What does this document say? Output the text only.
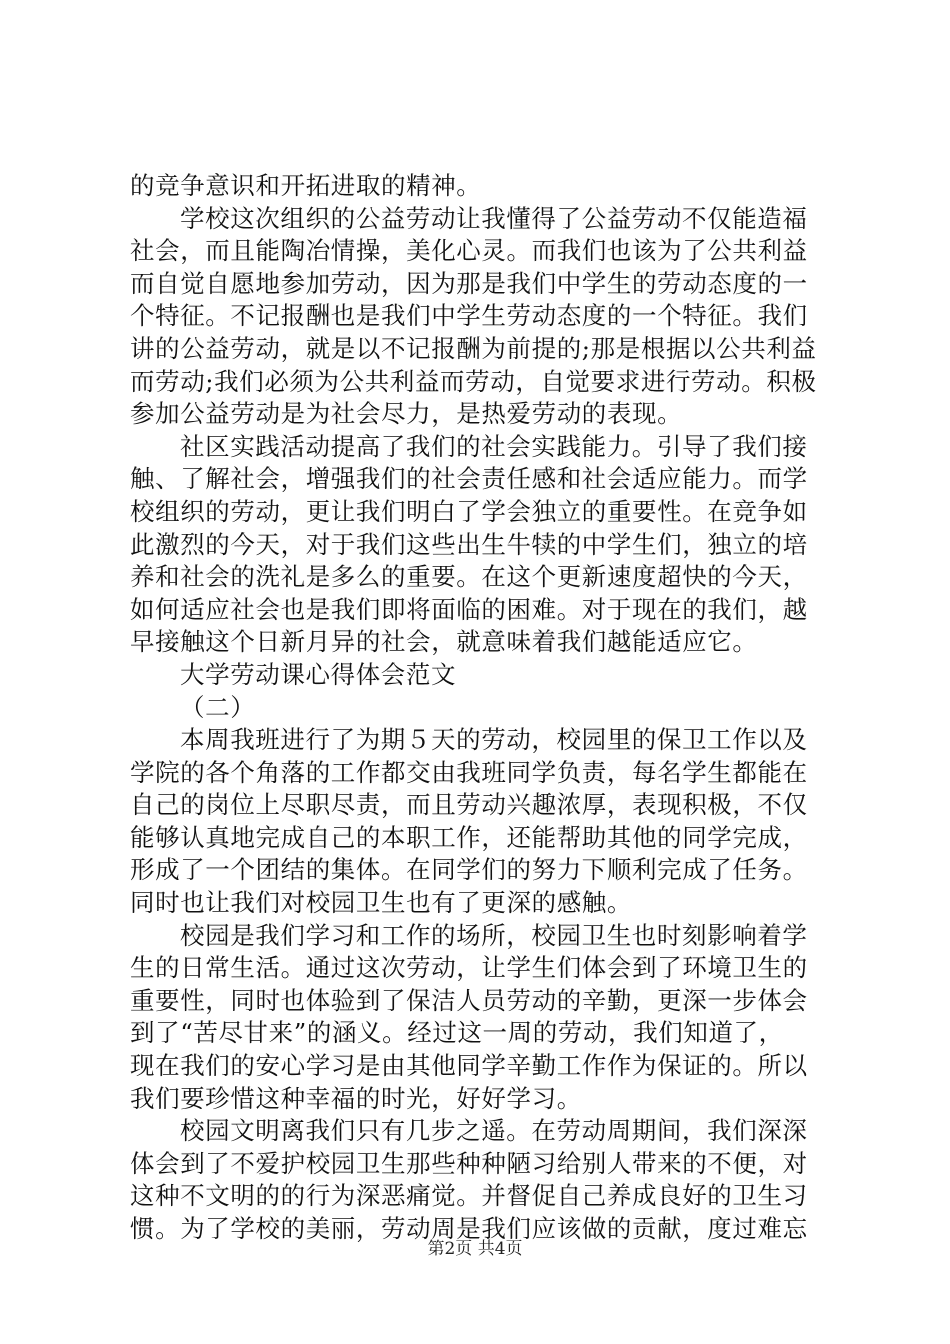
的竞争意识和开拓进取的精神。
学校这次组织的公益劳动让我懂得了公益劳动不仅能造福
社会，而且能陶冶情操，美化心灵。而我们也该为了公共利益
而自觉自愿地参加劳动，因为那是我们中学生的劳动态度的一
个特征。不记报酬也是我们中学生劳动态度的一个特征。我们
讲的公益劳动，就是以不记报酬为前提的;那是根据以公共利益
而劳动;我们必须为公共利益而劳动，自觉要求进行劳动。积极
参加公益劳动是为社会尽力，是热爱劳动的表现。
社区实践活动提高了我们的社会实践能力。引导了我们接
触、了解社会，增强我们的社会责任感和社会适应能力。而学
校组织的劳动，更让我们明白了学会独立的重要性。在竞争如
此激烈的今天，对于我们这些出生牛犊的中学生们，独立的培
养和社会的洗礼是多么的重要。在这个更新速度超快的今天，
如何适应社会也是我们即将面临的困难。对于现在的我们，越
早接触这个日新月异的社会，就意味着我们越能适应它。
大学劳动课心得体会范文
（二）
本周我班进行了为期５天的劳动，校园里的保卫工作以及
学院的各个角落的工作都交由我班同学负责，每名学生都能在
自己的岗位上尽职尽责，而且劳动兴趣浓厚，表现积极，不仅
能够认真地完成自己的本职工作，还能帮助其他的同学完成，
形成了一个团结的集体。在同学们的努力下顺利完成了任务。
同时也让我们对校园卫生也有了更深的感触。
校园是我们学习和工作的场所，校园卫生也时刻影响着学
生的日常生活。通过这次劳动，让学生们体会到了环境卫生的
重要性，同时也体验到了保洁人员劳动的辛勤，更深一步体会
到了“苦尽甘来”的涵义。经过这一周的劳动，我们知道了，
现在我们的安心学习是由其他同学辛勤工作作为保证的。所以
我们要珍惜这种幸福的时光，好好学习。
校园文明离我们只有几步之遥。在劳动周期间，我们深深
体会到了不爱护校园卫生那些种种陋习给别人带来的不便，对
这种不文明的的行为深恶痛觉。并督促自己养成良好的卫生习
惯。为了学校的美丽，劳动周是我们应该做的贡献，度过难忘
第2页 共4页
